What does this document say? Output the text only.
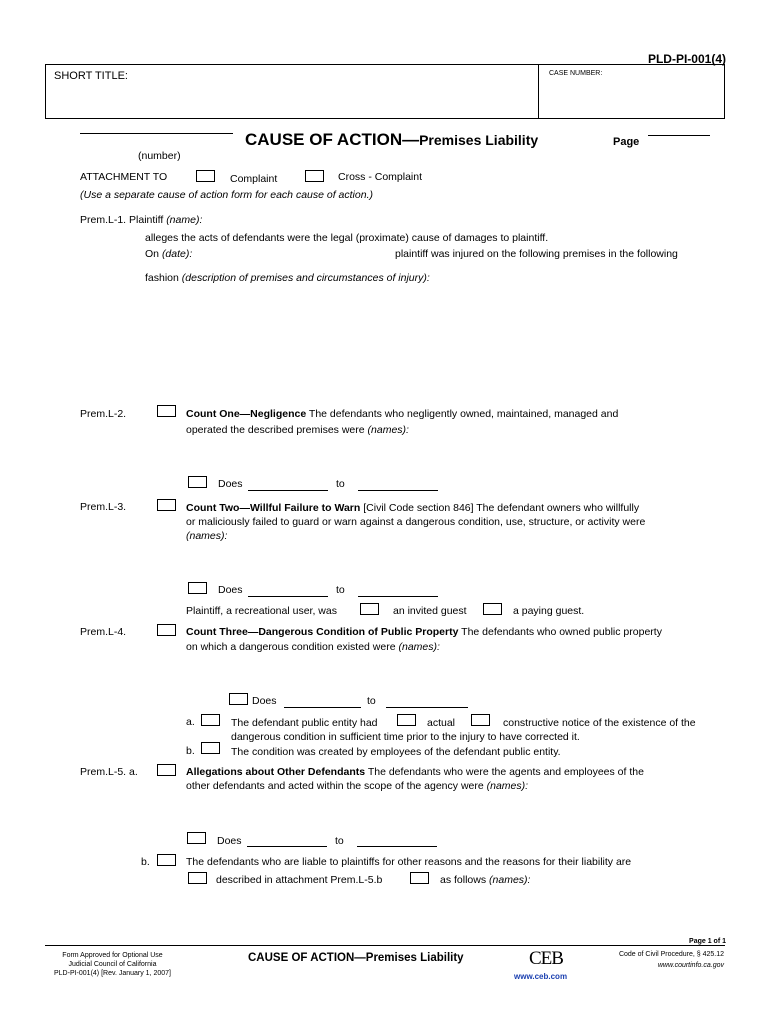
PLD-PI-001(4)
SHORT TITLE:	CASE NUMBER:
CAUSE OF ACTION—Premises Liability	Page
(number)
ATTACHMENT TO	Complaint	Cross - Complaint
(Use a separate cause of action form for each cause of action.)
Prem.L-1. Plaintiff (name):
alleges the acts of defendants were the legal (proximate) cause of damages to plaintiff.
On (date):	plaintiff was injured on the following premises in the following
fashion (description of premises and circumstances of injury):
Prem.L-2.	Count One—Negligence The defendants who negligently owned, maintained, managed and
operated the described premises were (names):
Does	to
Prem.L-3.	Count Two—Willful Failure to Warn [Civil Code section 846] The defendant owners who willfully
or maliciously failed to guard or warn against a dangerous condition, use, structure, or activity were
(names):
Does	to
Plaintiff, a recreational user, was	an invited guest	a paying guest.
Prem.L-4.	Count Three—Dangerous Condition of Public Property The defendants who owned public property
on which a dangerous condition existed were (names):
Does	to
a.	The defendant public entity had	actual	constructive notice of the existence of the
dangerous condition in sufficient time prior to the injury to have corrected it.
b.	The condition was created by employees of the defendant public entity.
Prem.L-5. a.	Allegations about Other Defendants The defendants who were the agents and employees of the
other defendants and acted within the scope of the agency were (names):
Does	to
b.	The defendants who are liable to plaintiffs for other reasons and the reasons for their liability are
described in attachment Prem.L-5.b	as follows (names):
Page 1 of 1
Form Approved for Optional Use
Judicial Council of California
PLD-PI-001(4) [Rev. January 1, 2007]
CAUSE OF ACTION—Premises Liability	CEB
www.ceb.com
Code of Civil Procedure, § 425.12
www.courtinfo.ca.gov
